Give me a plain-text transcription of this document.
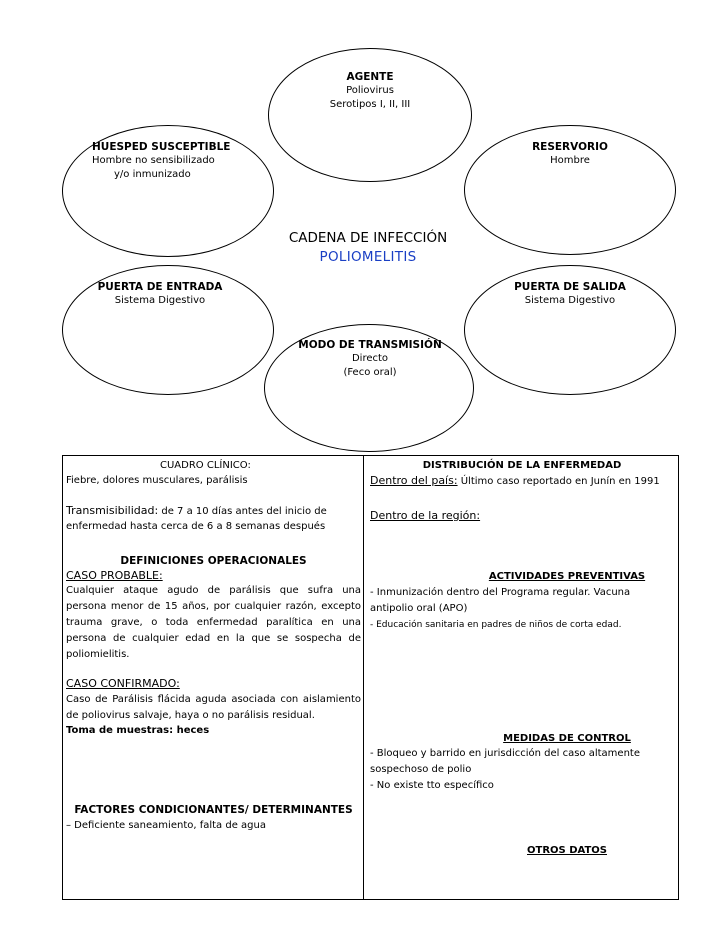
AGENTE
Poliovirus
Serotipos I, II, III
HUESPED SUSCEPTIBLE
Hombre no sensibilizado
y/o inmunizado
RESERVORIO
Hombre
PUERTA DE ENTRADA
Sistema Digestivo
PUERTA DE SALIDA
Sistema Digestivo
MODO DE TRANSMISIÓN
Directo
(Feco oral)
CADENA DE INFECCIÓN
POLIOMELITIS
CUADRO CLÍNICO:
Fiebre, dolores musculares, parálisis
Transmisibilidad: de 7 a 10 días antes del inicio de
enfermedad hasta cerca de 6 a 8 semanas después
DEFINICIONES OPERACIONALES
CASO PROBABLE:
Cualquier ataque agudo de parálisis que sufra una persona menor de 15 años, por cualquier razón, excepto trauma grave, o toda enfermedad paralítica en una persona de cualquier edad en la que se sospecha de poliomielitis.
CASO CONFIRMADO:
Caso de Parálisis flácida aguda asociada con aislamiento de poliovirus salvaje, haya o no parálisis residual.
Toma de muestras: heces
FACTORES CONDICIONANTES/ DETERMINANTES
– Deficiente saneamiento, falta de agua
DISTRIBUCIÓN DE LA ENFERMEDAD
Dentro del país: Último caso reportado en Junín en 1991
Dentro de la región:
ACTIVIDADES PREVENTIVAS
- Inmunización dentro del Programa regular. Vacuna
antipolio oral (APO)
- Educación sanitaria en padres de niños de corta edad.
MEDIDAS DE CONTROL
- Bloqueo y barrido en jurisdicción del caso altamente
sospechoso de polio
- No existe tto específico
OTROS DATOS
